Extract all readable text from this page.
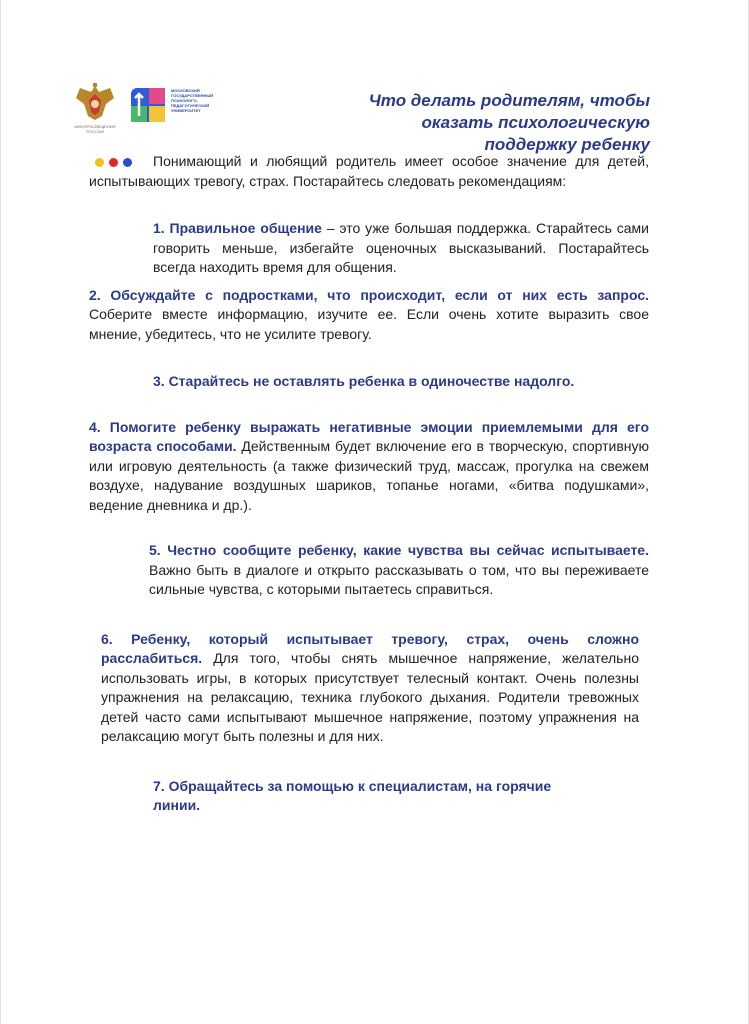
МИНПРОСВЕЩЕНИЯ РОССИИ
МОСКОВСКИЙ ГОСУДАРСТВЕННЫЙ ПСИХОЛОГО-ПЕДАГОГИЧЕСКИЙ УНИВЕРСИТЕТ
Что делать родителям, чтобы
оказать психологическую
поддержку ребенку

Понимающий и любящий родитель имеет особое значение для детей, испытывающих тревогу, страх. Постарайтесь следовать рекомендациям:

1. Правильное общение – это уже большая поддержка. Старайтесь сами говорить меньше, избегайте оценочных высказываний. Постарайтесь всегда находить время для общения.

2. Обсуждайте с подростками, что происходит, если от них есть запрос. Соберите вместе информацию, изучите ее. Если очень хотите выразить свое мнение, убедитесь, что не усилите тревогу.

3. Старайтесь не оставлять ребенка в одиночестве надолго.

4. Помогите ребенку выражать негативные эмоции приемлемыми для его возраста способами. Действенным будет включение его в творческую, спортивную или игровую деятельность (а также физический труд, массаж, прогулка на свежем воздухе, надувание воздушных шариков, топанье ногами, «битва подушками», ведение дневника и др.).

5. Честно сообщите ребенку, какие чувства вы сейчас испытываете. Важно быть в диалоге и открыто рассказывать о том, что вы переживаете сильные чувства, с которыми пытаетесь справиться.

6. Ребенку, который испытывает тревогу, страх, очень сложно расслабиться. Для того, чтобы снять мышечное напряжение, желательно использовать игры, в которых присутствует телесный контакт. Очень полезны упражнения на релаксацию, техника глубокого дыхания. Родители тревожных детей часто сами испытывают мышечное напряжение, поэтому упражнения на релаксацию могут быть полезны и для них.

7. Обращайтесь за помощью к специалистам, на горячие линии.
